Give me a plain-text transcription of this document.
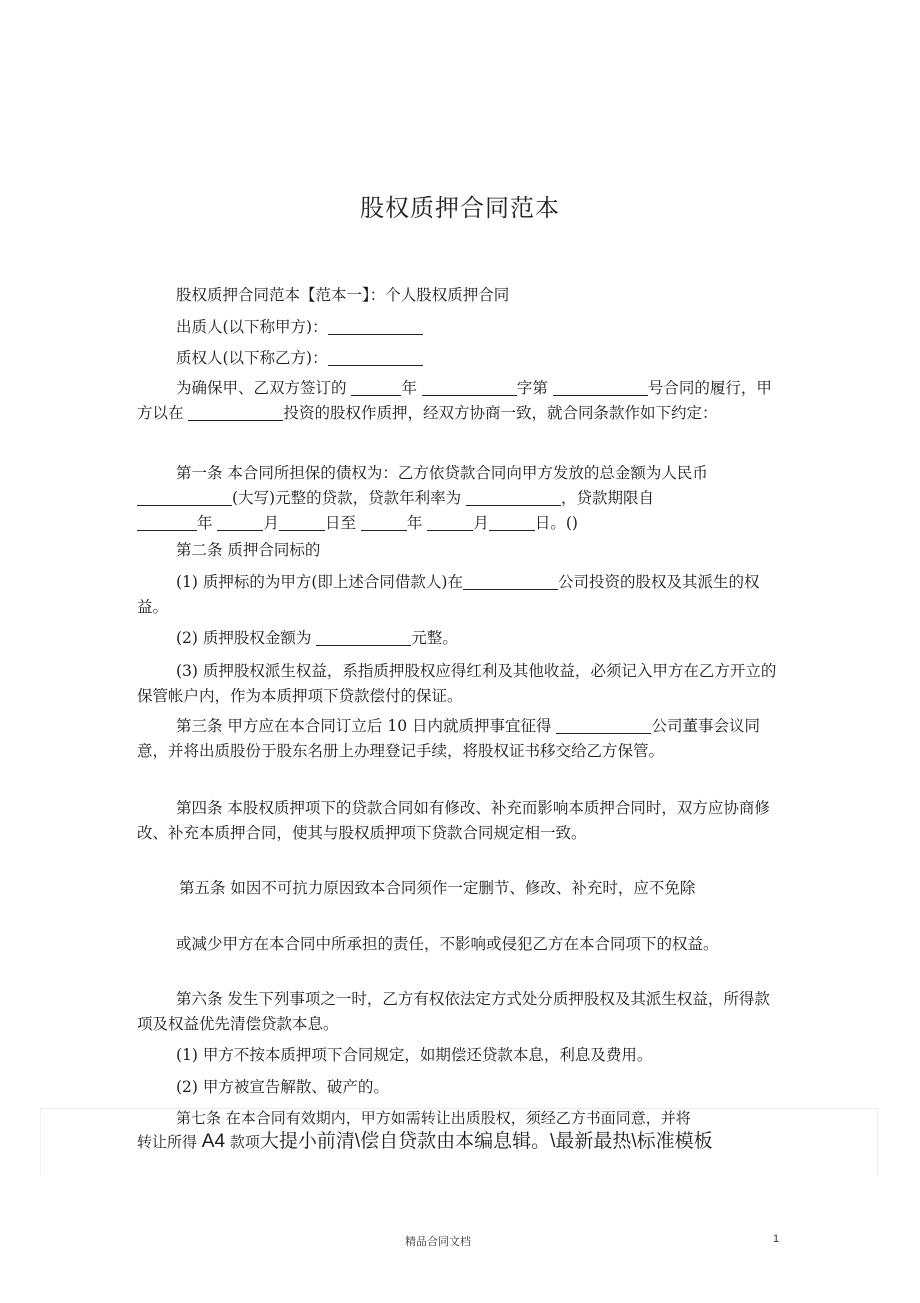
股权质押合同范本
股权质押合同范本【范本一】：个人股权质押合同
出质人(以下称甲方)：
质权人(以下称乙方)：
为确保甲、乙双方签订的	年	字第	号合同的履行，甲方以在	投资的股权作质押，经双方协商一致，就合同条款作如下约定：
第一条 本合同所担保的债权为：乙方依贷款合同向甲方发放的总金额为人民币 (大写)元整的贷款，贷款年利率为	，贷款期限自
年	月	日至	年	月	日。()
第二条 质押合同标的
(1) 质押标的为甲方(即上述合同借款人)在	公司投资的股权及其派生的权益。
(2) 质押股权金额为	元整。
(3) 质押股权派生权益，系指质押股权应得红利及其他收益，必须记入甲方在乙方开立的保管帐户内，作为本质押项下贷款偿付的保证。
第三条 甲方应在本合同订立后 10 日内就质押事宜征得	公司董事会议同意，并将出质股份于股东名册上办理登记手续，将股权证书移交给乙方保管。
第四条 本股权质押项下的贷款合同如有修改、补充而影响本质押合同时，双方应协商修改、补充本质押合同，使其与股权质押项下贷款合同规定相一致。
第五条 如因不可抗力原因致本合同须作一定删节、修改、补充时，应不免除
或减少甲方在本合同中所承担的责任，不影响或侵犯乙方在本合同项下的权益。
第六条 发生下列事项之一时，乙方有权依法定方式处分质押股权及其派生权益，所得款项及权益优先清偿贷款本息。
(1) 甲方不按本质押项下合同规定，如期偿还贷款本息，利息及费用。
(2) 甲方被宣告解散、破产的。
第七条 在本合同有效期内，甲方如需转让出质股权，须经乙方书面同意，并将
转让所得 A4 款项大提小前清\偿自贷款由本编息辑。\最新最热\标准模板
精品合同文档	1
